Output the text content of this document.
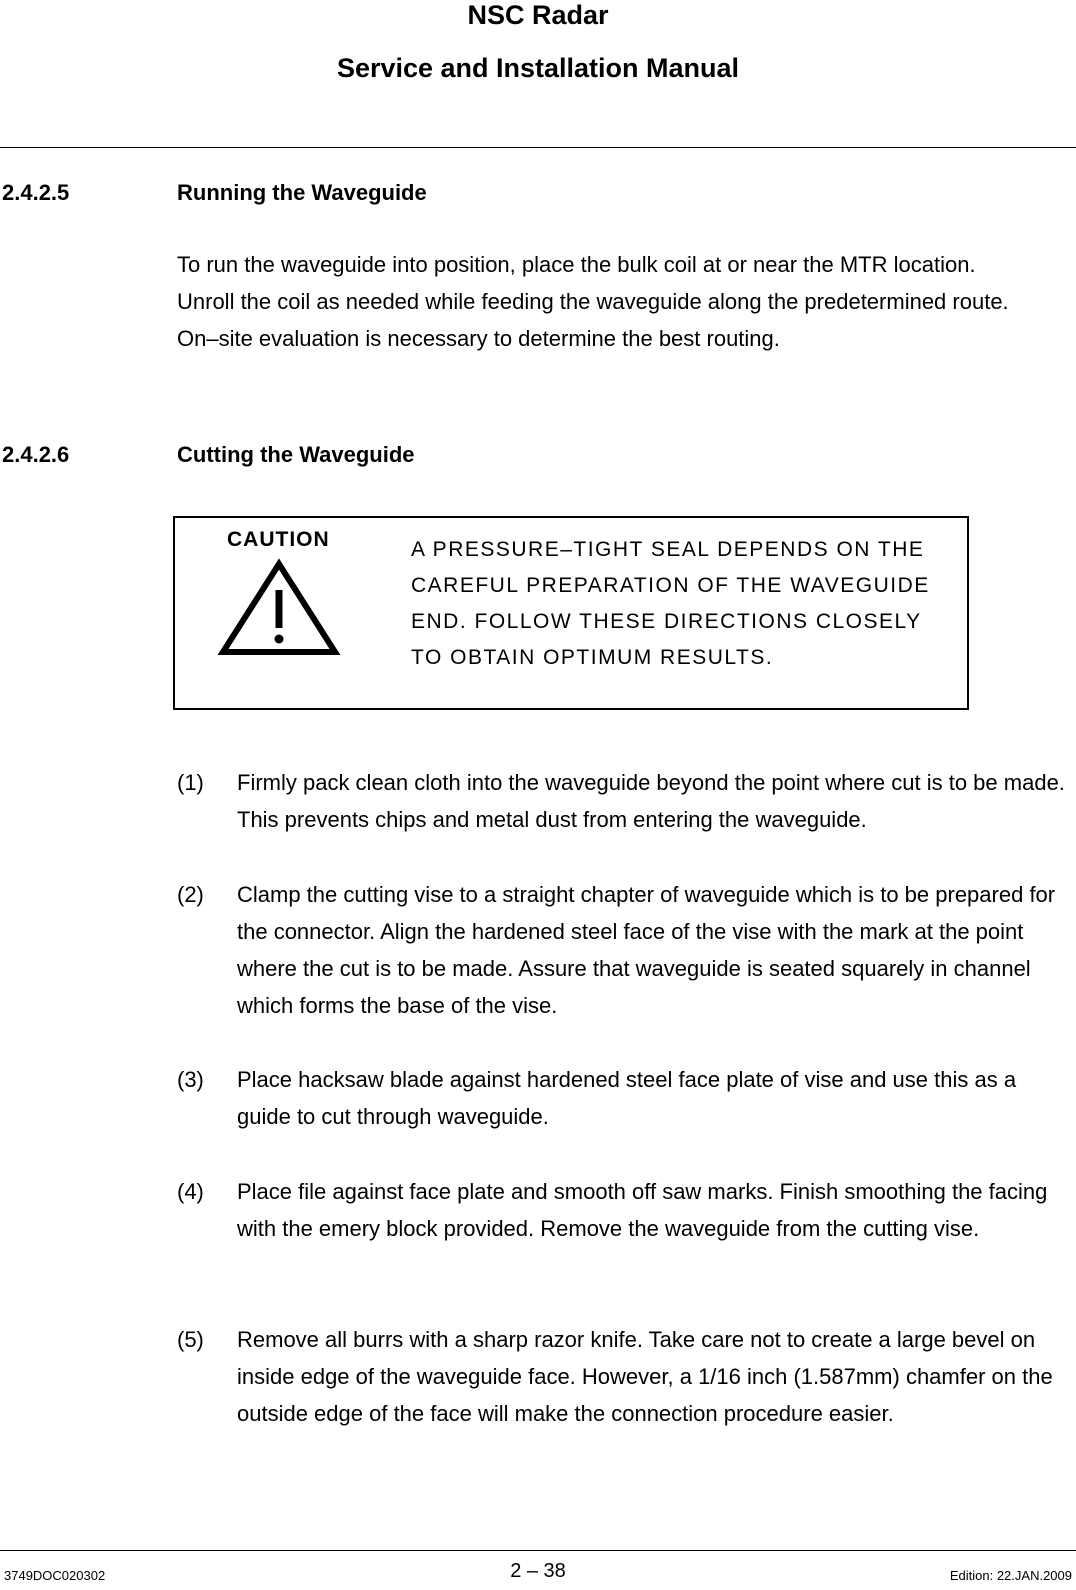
NSC Radar
Service and Installation Manual
2.4.2.5	Running the Waveguide
To run the waveguide into position, place the bulk coil at or near the MTR location. Unroll the coil as needed while feeding the waveguide along the predetermined route. On–site evaluation is necessary to determine the best routing.
2.4.2.6	Cutting the Waveguide
CAUTION	A PRESSURE–TIGHT SEAL DEPENDS ON THE CAREFUL PREPARATION OF THE WAVEGUIDE END. FOLLOW THESE DIRECTIONS CLOSELY TO OBTAIN OPTIMUM RESULTS.
(1) Firmly pack clean cloth into the waveguide beyond the point where cut is to be made. This prevents chips and metal dust from entering the waveguide.
(2) Clamp the cutting vise to a straight chapter of waveguide which is to be prepared for the connector. Align the hardened steel face of the vise with the mark at the point where the cut is to be made. Assure that waveguide is seated squarely in channel which forms the base of the vise.
(3) Place hacksaw blade against hardened steel face plate of vise and use this as a guide to cut through waveguide.
(4) Place file against face plate and smooth off saw marks. Finish smoothing the facing with the emery block provided. Remove the waveguide from the cutting vise.
(5) Remove all burrs with a sharp razor knife. Take care not to create a large bevel on inside edge of the waveguide face. However, a 1/16 inch (1.587mm) chamfer on the outside edge of the face will make the connection procedure easier.
3749DOC020302	2 – 38	Edition: 22.JAN.2009
